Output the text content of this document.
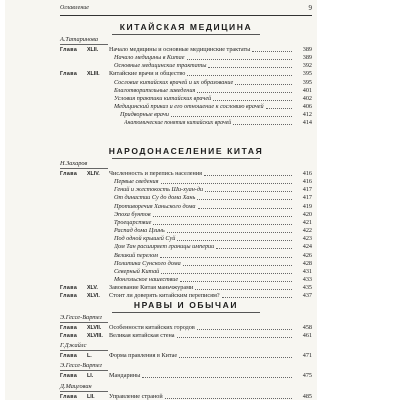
Оглавление	9
КИТАЙСКАЯ МЕДИЦИНА
А.Татаринова
Глава XLII. Начало медицины и основные медицинские трактаты	389
Начало медицины в Китае	389
Основные медицинские трактаты	392
Глава XLIII. Китайские врачи и общество	395
Сословие китайских врачей и их образование	395
Благотворительные заведения	401
Условия практики китайских врачей	402
Медицинский приказ и его отношение к сословию врачей	406
Придворные врачи	412
Анатомические понятия китайских врачей	414
НАРОДОНАСЕЛЕНИЕ КИТАЯ
Н.Захаров
Глава XLIV. Численность и перепись населения	416
Первые сведения	416
Гений и жестокость Ши-хуан-ди	417
От династии Су до дома Хань	417
Противоречия Ханьского дома	419
Эпоха бунтов	420
Троецарствие	421
Распад дома Цзинь	422
Под одной крышей Суй	423
Дом Тан расширяет границы империи	424
Великий перелом	426
Политика Сунского дома	428
Северный Китай	431
Монгольское нашествие	433
Глава XLV. Завоевание Китая маньчжурами	435
Глава XLVI. Стоит ли доверять китайским переписям?	437
НРАВЫ И ОБЫЧАИ
Э.Гессе-Вартег
Глава XLVII. Особенности китайских городов	458
Глава XLVIII. Великая китайская стена	461
Г.Джайлс
Глава L.	Форма правления в Китае	471
Э.Гессе-Вартег
Глава LI.	Мандарины	475
Д.Мацгован
Глава LII. Управление страной	485
